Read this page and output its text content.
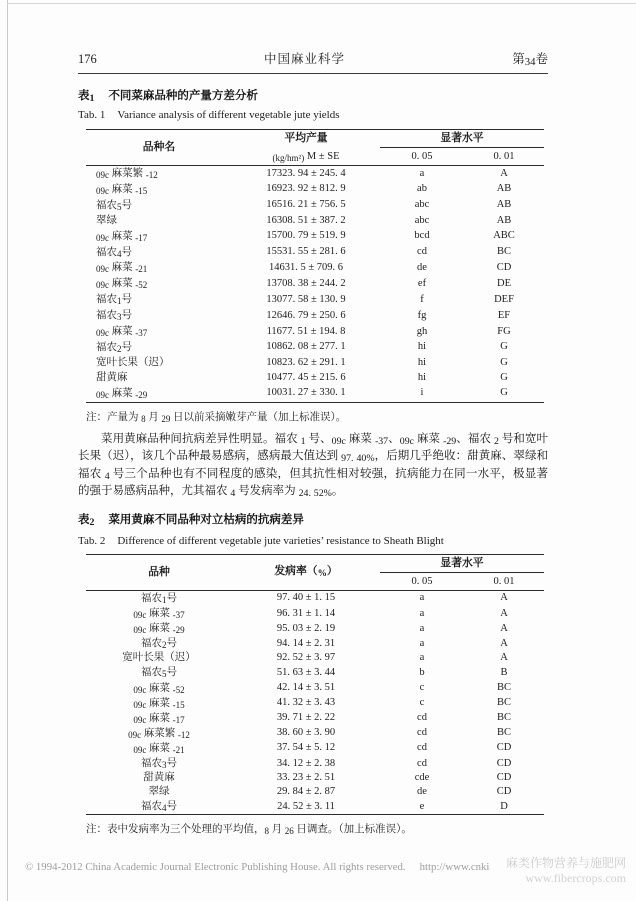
176	中国麻业科学	第34卷
表1 不同菜麻品种的产量方差分析
Tab. 1 Variance analysis of different vegetable jute yields
品种名	平均产量	显著水平	
	(kg/hm²) M ± SE	0. 05	0. 01
09c 麻菜繁 -12	17323. 94 ± 245. 4	a	A
09c 麻菜 -15	16923. 92 ± 812. 9	ab	AB
福农5号	16516. 21 ± 756. 5	abc	AB
翠绿	16308. 51 ± 387. 2	abc	AB
09c 麻菜 -17	15700. 79 ± 519. 9	bcd	ABC
福农4号	15531. 55 ± 281. 6	cd	BC
09c 麻菜 -21	14631. 5 ± 709. 6	de	CD
09c 麻菜 -52	13708. 38 ± 244. 2	ef	DE
福农1号	13077. 58 ± 130. 9	f	DEF
福农3号	12646. 79 ± 250. 6	fg	EF
09c 麻菜 -37	11677. 51 ± 194. 8	gh	FG
福农2号	10862. 08 ± 277. 1	hi	G
宽叶长果（迟）	10823. 62 ± 291. 1	hi	G
甜黄麻	10477. 45 ± 215. 6	hi	G
09c 麻菜 -29	10031. 27 ± 330. 1	i	G
注：产量为 8 月 29 日以前采摘嫩芽产量（加上标准误）。
菜用黄麻品种间抗病差异性明显。福农 1 号、09c 麻菜 -37、09c 麻菜 -29、福农 2 号和宽叶长果（迟），该几个品种最易感病，感病最大值达到 97. 40%，后期几乎绝收：甜黄麻、翠绿和福农 4 号三个品种也有不同程度的感染，但其抗性相对较强，抗病能力在同一水平，极显著的强于易感病品种，尤其福农 4 号发病率为 24. 52%。
表2 菜用黄麻不同品种对立枯病的抗病差异
Tab. 2 Difference of different vegetable jute varieties’ resistance to Sheath Blight
品种	发病率（%）	显著水平	
		0. 05	0. 01
福农1号	97. 40 ± 1. 15	a	A
09c 麻菜 -37	96. 31 ± 1. 14	a	A
09c 麻菜 -29	95. 03 ± 2. 19	a	A
福农2号	94. 14 ± 2. 31	a	A
宽叶长果（迟）	92. 52 ± 3. 97	a	A
福农5号	51. 63 ± 3. 44	b	B
09c 麻菜 -52	42. 14 ± 3. 51	c	BC
09c 麻菜 -15	41. 32 ± 3. 43	c	BC
09c 麻菜 -17	39. 71 ± 2. 22	cd	BC
09c 麻菜繁 -12	38. 60 ± 3. 90	cd	BC
09c 麻菜 -21	37. 54 ± 5. 12	cd	CD
福农3号	34. 12 ± 2. 38	cd	CD
甜黄麻	33. 23 ± 2. 51	cde	CD
翠绿	29. 84 ± 2. 87	de	CD
福农4号	24. 52 ± 3. 11	e	D
注：表中发病率为三个处理的平均值，8 月 26 日调查。（加上标准误）。
© 1994-2012 China Academic Journal Electronic Publishing House. All rights reserved. http://www.cnki	麻类作物营养与施肥网
www.fibercrops.com
